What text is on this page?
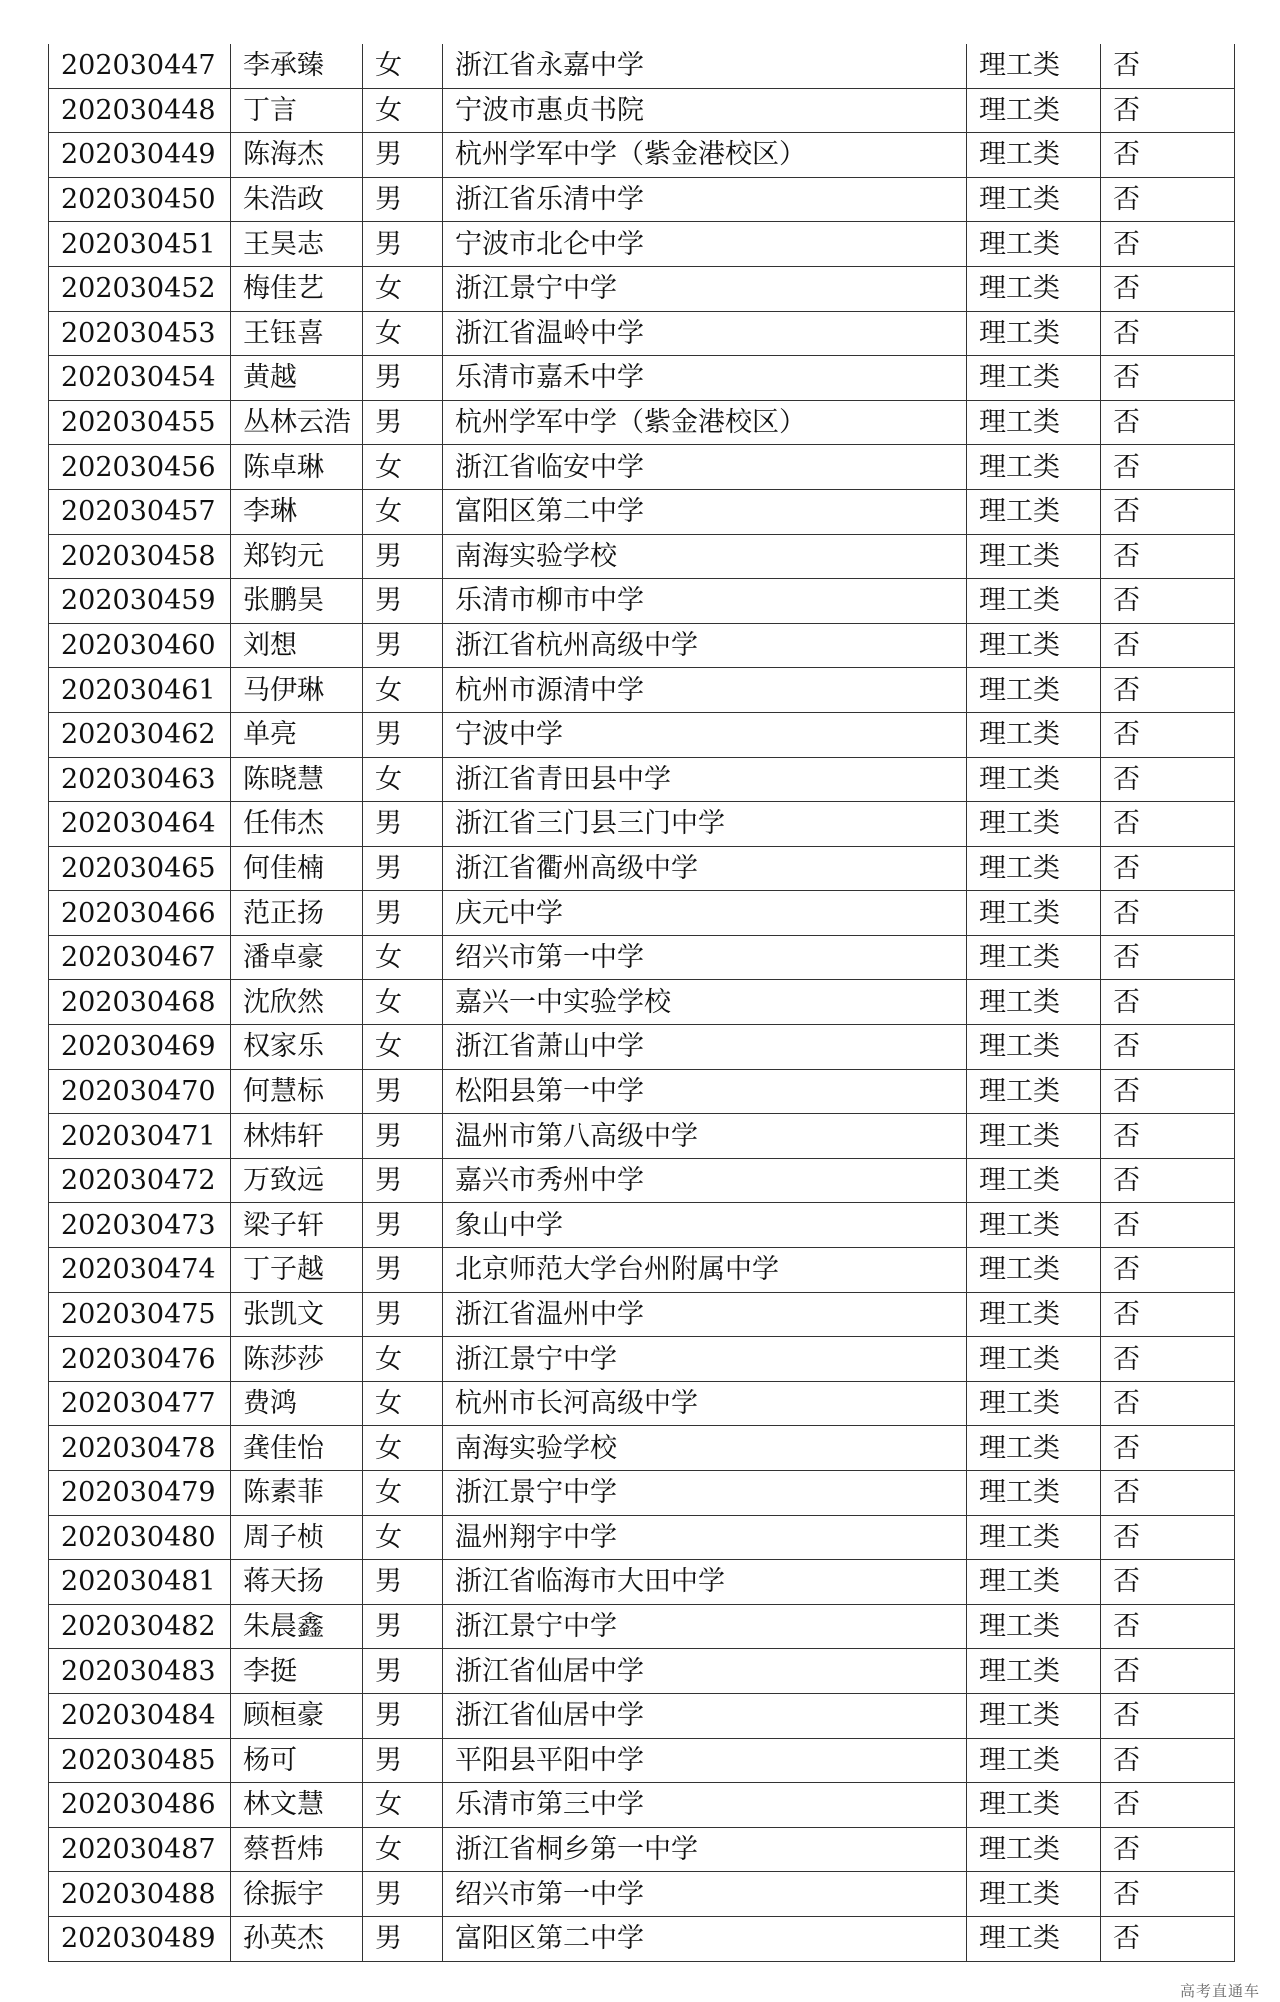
202030447	李承臻	女	浙江省永嘉中学	理工类	否
202030448	丁言	女	宁波市惠贞书院	理工类	否
202030449	陈海杰	男	杭州学军中学（紫金港校区）	理工类	否
202030450	朱浩政	男	浙江省乐清中学	理工类	否
202030451	王昊志	男	宁波市北仑中学	理工类	否
202030452	梅佳艺	女	浙江景宁中学	理工类	否
202030453	王钰喜	女	浙江省温岭中学	理工类	否
202030454	黄越	男	乐清市嘉禾中学	理工类	否
202030455	丛林云浩	男	杭州学军中学（紫金港校区）	理工类	否
202030456	陈卓琳	女	浙江省临安中学	理工类	否
202030457	李琳	女	富阳区第二中学	理工类	否
202030458	郑钧元	男	南海实验学校	理工类	否
202030459	张鹏昊	男	乐清市柳市中学	理工类	否
202030460	刘想	男	浙江省杭州高级中学	理工类	否
202030461	马伊琳	女	杭州市源清中学	理工类	否
202030462	单亮	男	宁波中学	理工类	否
202030463	陈晓慧	女	浙江省青田县中学	理工类	否
202030464	任伟杰	男	浙江省三门县三门中学	理工类	否
202030465	何佳楠	男	浙江省衢州高级中学	理工类	否
202030466	范正扬	男	庆元中学	理工类	否
202030467	潘卓豪	女	绍兴市第一中学	理工类	否
202030468	沈欣然	女	嘉兴一中实验学校	理工类	否
202030469	权家乐	女	浙江省萧山中学	理工类	否
202030470	何慧标	男	松阳县第一中学	理工类	否
202030471	林炜轩	男	温州市第八高级中学	理工类	否
202030472	万致远	男	嘉兴市秀州中学	理工类	否
202030473	梁子轩	男	象山中学	理工类	否
202030474	丁子越	男	北京师范大学台州附属中学	理工类	否
202030475	张凯文	男	浙江省温州中学	理工类	否
202030476	陈莎莎	女	浙江景宁中学	理工类	否
202030477	费鸿	女	杭州市长河高级中学	理工类	否
202030478	龚佳怡	女	南海实验学校	理工类	否
202030479	陈素菲	女	浙江景宁中学	理工类	否
202030480	周子桢	女	温州翔宇中学	理工类	否
202030481	蒋天扬	男	浙江省临海市大田中学	理工类	否
202030482	朱晨鑫	男	浙江景宁中学	理工类	否
202030483	李挺	男	浙江省仙居中学	理工类	否
202030484	顾桓豪	男	浙江省仙居中学	理工类	否
202030485	杨可	男	平阳县平阳中学	理工类	否
202030486	林文慧	女	乐清市第三中学	理工类	否
202030487	蔡哲炜	女	浙江省桐乡第一中学	理工类	否
202030488	徐振宇	男	绍兴市第一中学	理工类	否
202030489	孙英杰	男	富阳区第二中学	理工类	否
高考直通车
